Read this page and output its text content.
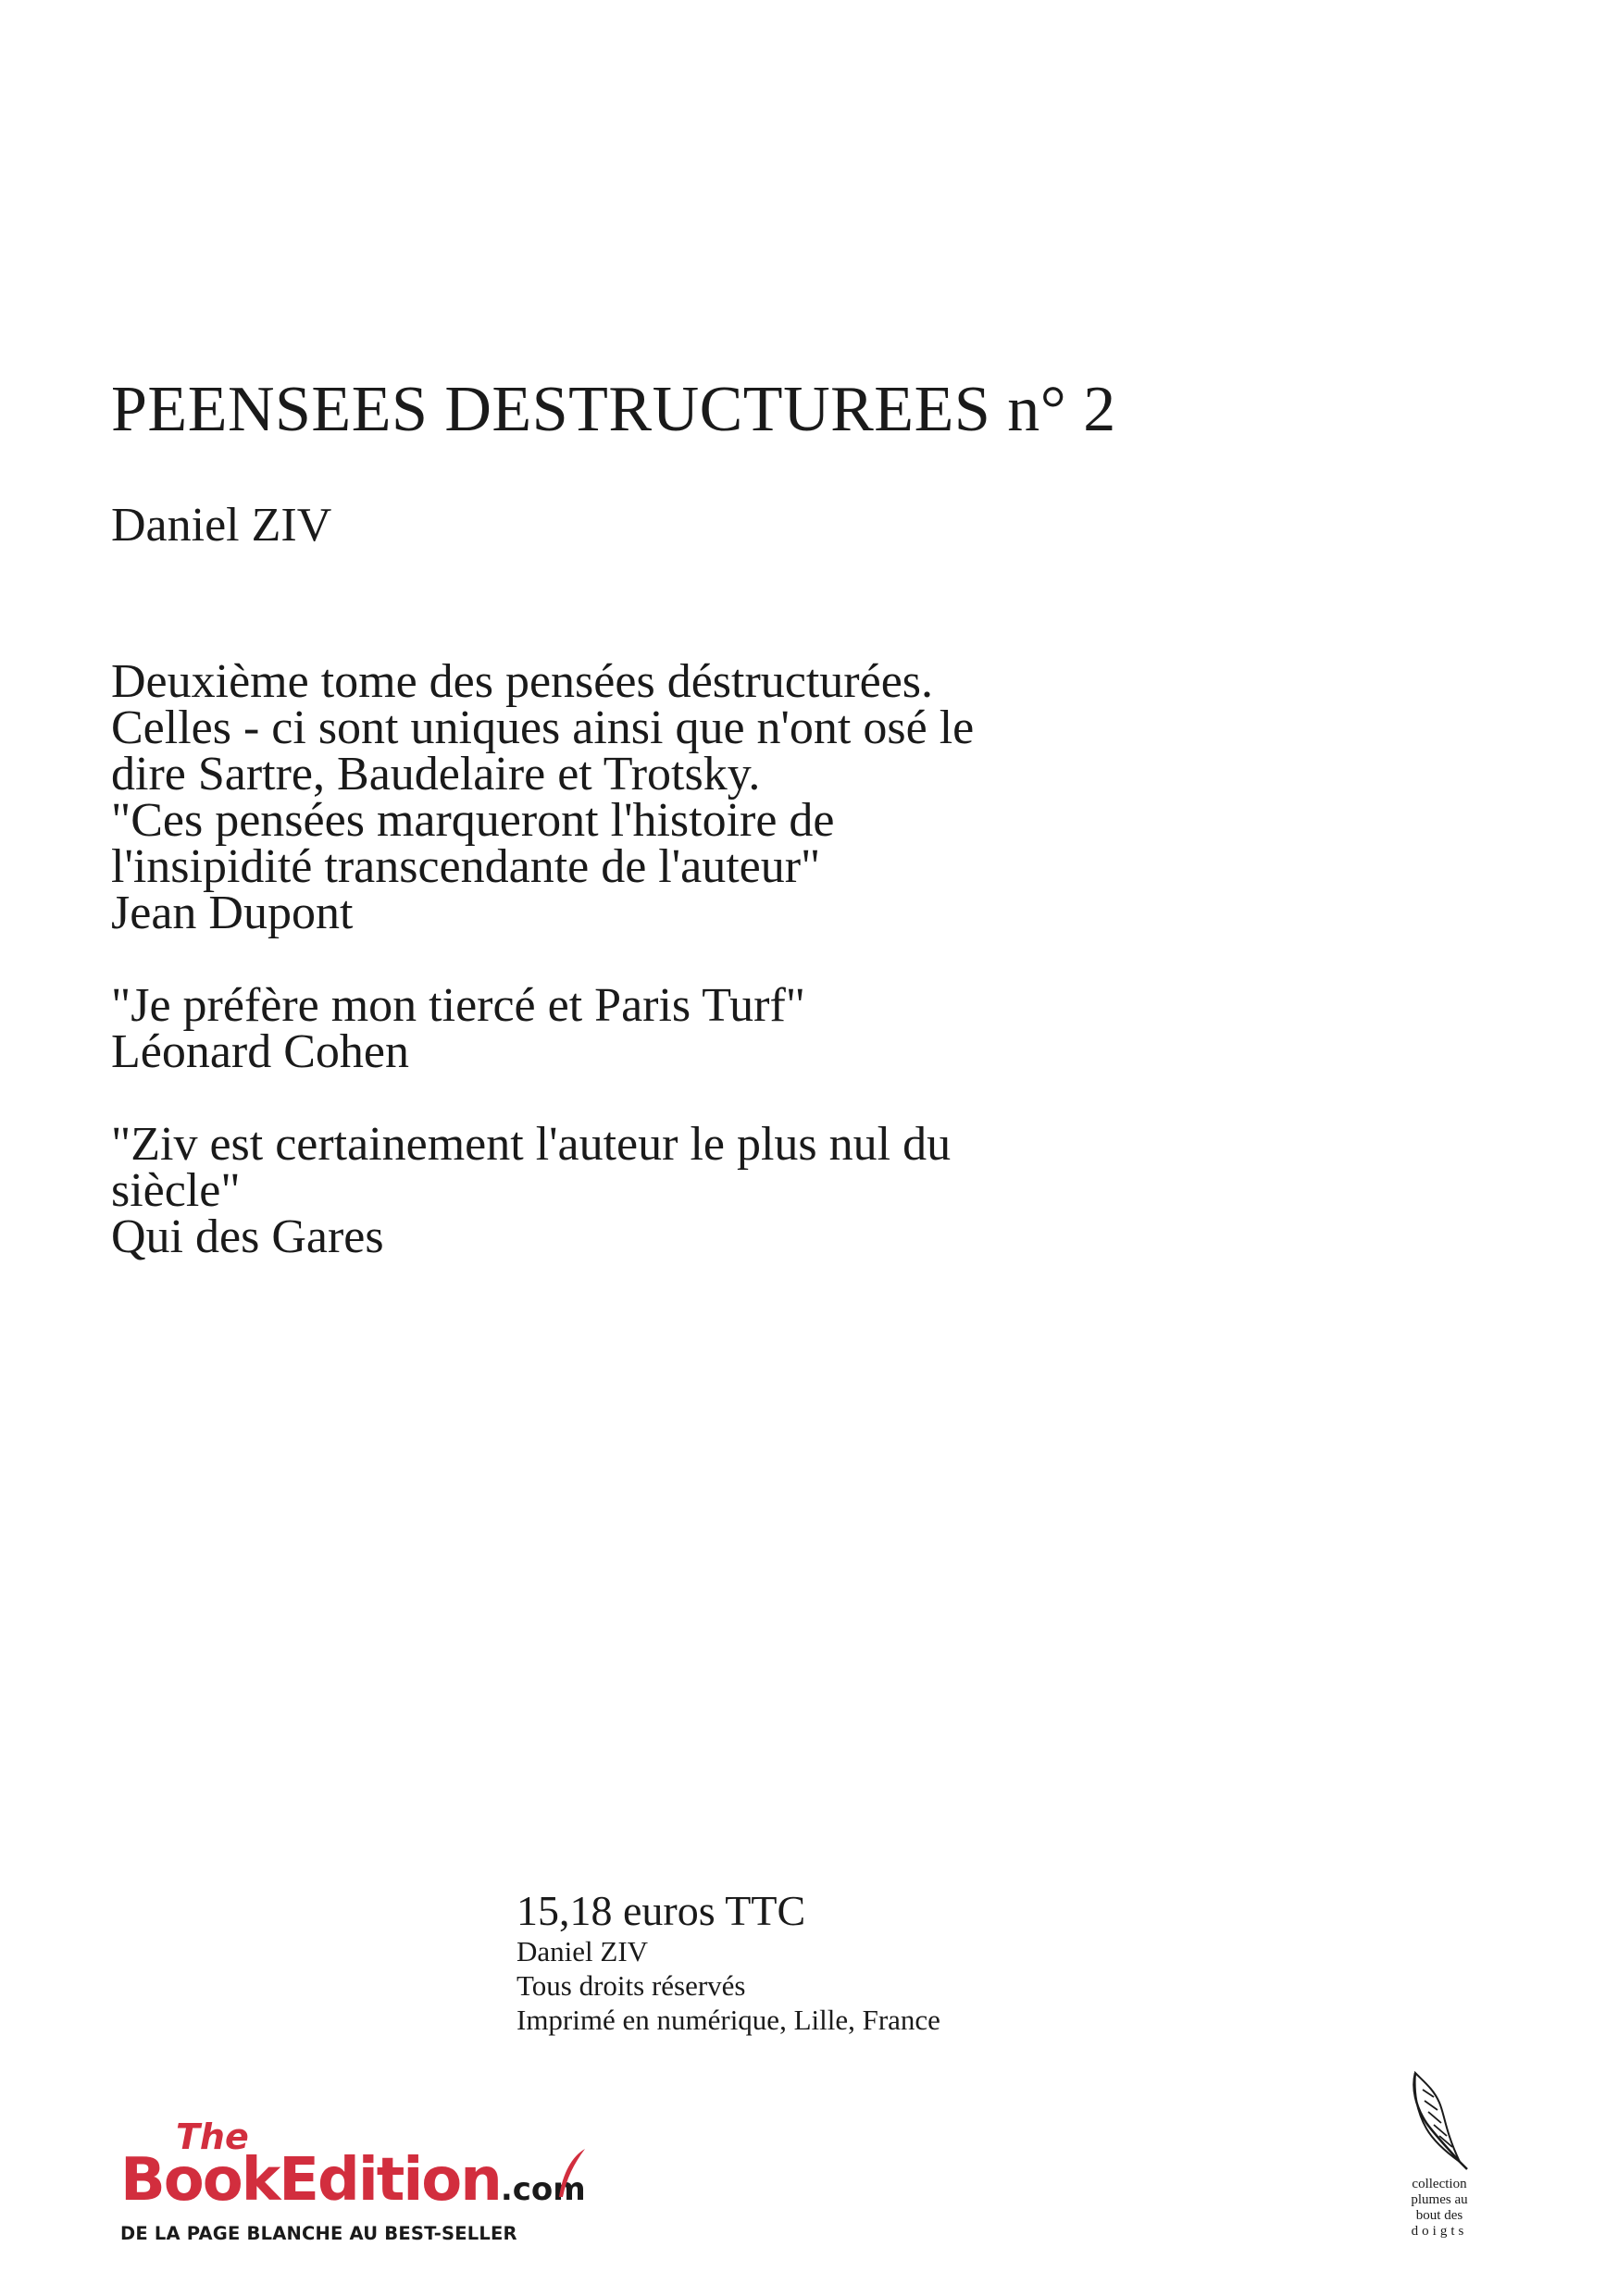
PEENSEES DESTRUCTUREES n° 2
Daniel ZIV
Deuxième tome des pensées déstructurées.
Celles - ci sont uniques ainsi que n'ont osé le
dire Sartre, Baudelaire et Trotsky.
"Ces pensées marqueront l'histoire de
l'insipidité transcendante de l'auteur"
Jean Dupont
"Je préfère mon tiercé et Paris Turf"
Léonard Cohen
"Ziv est certainement l'auteur le plus nul du
siècle"
Qui des Gares
15,18 euros TTC
Daniel ZIV
Tous droits réservés
Imprimé en numérique, Lille, France
The
BookEdition.com
DE LA PAGE BLANCHE AU BEST-SELLER
collection
plumes au
bout des
doigts
